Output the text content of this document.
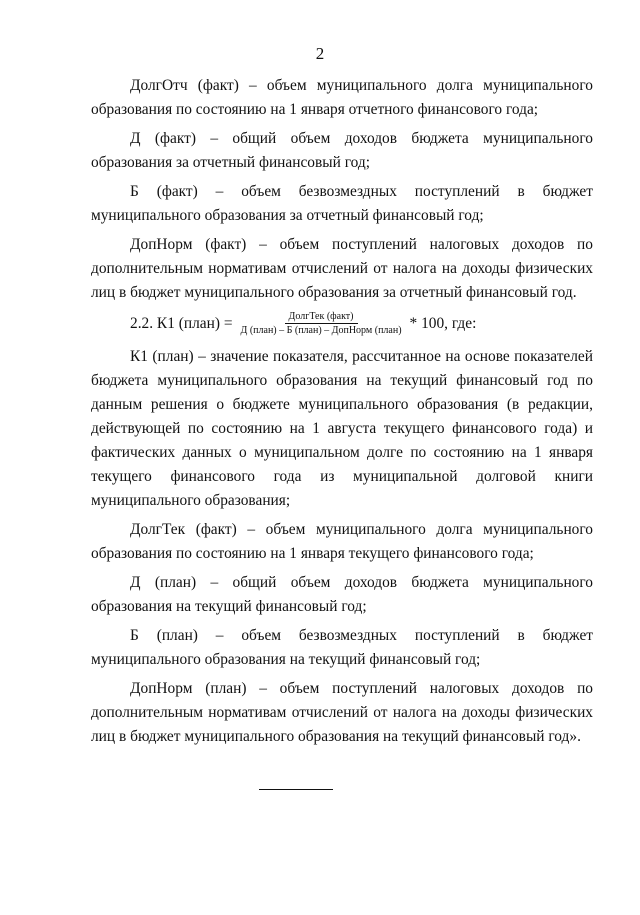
2

ДолгОтч (факт) – объем муниципального долга муниципального образования по состоянию на 1 января отчетного финансового года;

Д (факт) – общий объем доходов бюджета муниципального образования за отчетный финансовый год;

Б (факт) – объем безвозмездных поступлений в бюджет муниципального образования за отчетный финансовый год;

ДопНорм (факт) – объем поступлений налоговых доходов по дополнительным нормативам отчислений от налога на доходы физических лиц в бюджет муниципального образования за отчетный финансовый год.

2.2. К1 (план) = $\frac{\text{ДолгТек (факт)}}{\text{Д (план) – Б (план) – ДопНорм (план)}} * 100$, где:

К1 (план) – значение показателя, рассчитанное на основе показателей бюджета муниципального образования на текущий финансовый год по данным решения о бюджете муниципального образования (в редакции, действующей по состоянию на 1 августа текущего финансового года) и фактических данных о муниципальном долге по состоянию на 1 января текущего финансового года из муниципальной долговой книги муниципального образования;

ДолгТек (факт) – объем муниципального долга муниципального образования по состоянию на 1 января текущего финансового года;

Д (план) – общий объем доходов бюджета муниципального образования на текущий финансовый год;

Б (план) – объем безвозмездных поступлений в бюджет муниципального образования на текущий финансовый год;

ДопНорм (план) – объем поступлений налоговых доходов по дополнительным нормативам отчислений от налога на доходы физических лиц в бюджет муниципального образования на текущий финансовый год».
